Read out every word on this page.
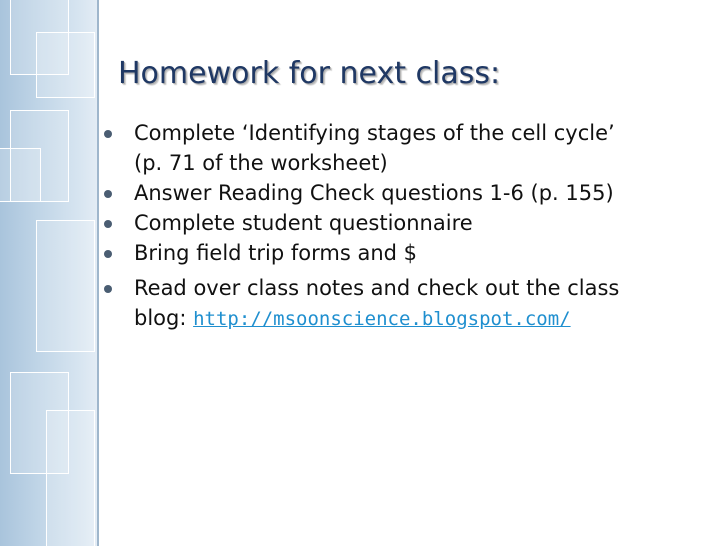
Homework for next class:
Complete ‘Identifying stages of the cell cycle’
(p. 71 of the worksheet)
Answer Reading Check questions 1-6 (p. 155)
Complete student questionnaire
Bring field trip forms and $
Read over class notes and check out the class
blog: http://msoonscience.blogspot.com/
